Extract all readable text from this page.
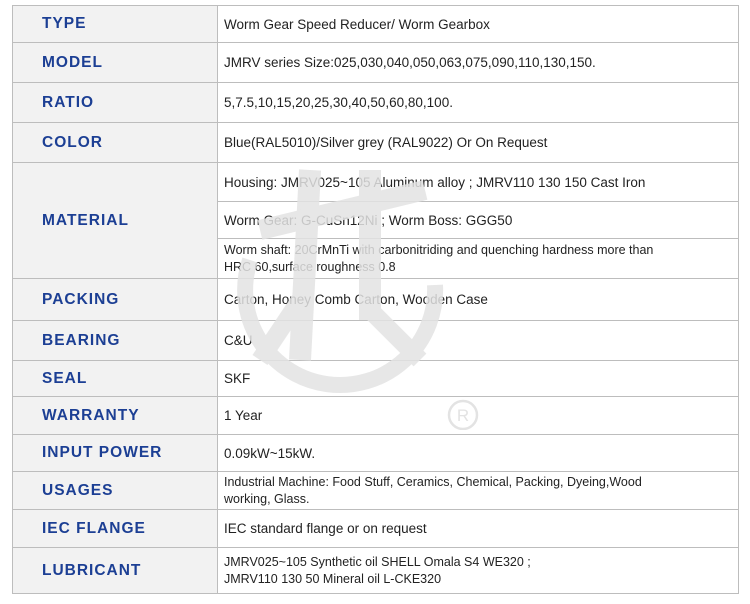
TYPE	Worm Gear Speed Reducer/ Worm Gearbox
MODEL	JMRV series Size:025,030,040,050,063,075,090,110,130,150.
RATIO	5,7.5,10,15,20,25,30,40,50,60,80,100.
COLOR	Blue(RAL5010)/Silver grey (RAL9022) Or On Request
MATERIAL	Housing: JMRV025~105 Aluminum alloy ; JMRV110 130 150 Cast Iron
Worm Gear: G-CuSn12Ni ; Worm Boss: GGG50
Worm shaft: 20CrMnTi with carbonitriding and quenching hardness more than
HRC 60,surface roughness 0.8

PACKING	Carton, Honey Comb Carton, Wooden Case
BEARING	C&U
SEAL	SKF
WARRANTY	1 Year
INPUT POWER	0.09kW~15kW.
USAGES	Industrial Machine: Food Stuff, Ceramics, Chemical, Packing, Dyeing,Wood
working, Glass.

IEC FLANGE	IEC standard flange or on request
LUBRICANT	JMRV025~105 Synthetic oil SHELL Omala S4 WE320 ;
JMRV110 130 50 Mineral oil L-CKE320
R
